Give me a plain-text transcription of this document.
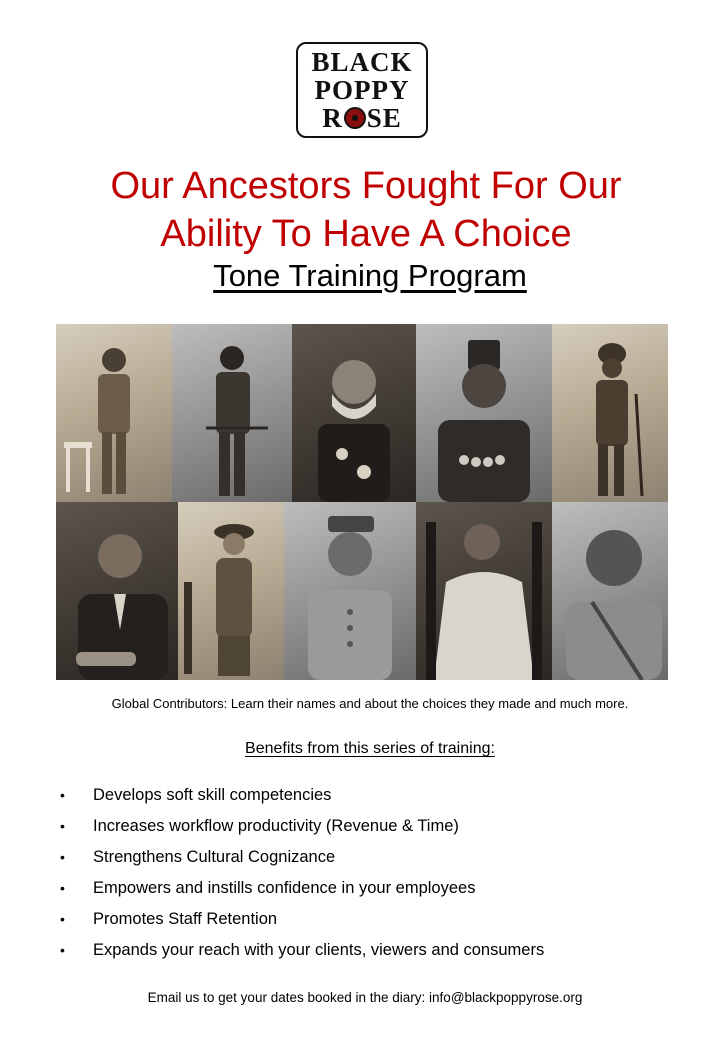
BLACK
POPPY
R SE
Our Ancestors Fought For Our
Ability To Have A Choice
Tone Training Program
Global Contributors: Learn their names and about the choices they made and much more.
Benefits from this series of training:
• Develops soft skill competencies
• Increases workflow productivity (Revenue & Time)
• Strengthens Cultural Cognizance
• Empowers and instills confidence in your employees
• Promotes Staff Retention
• Expands your reach with your clients, viewers and consumers
Email us to get your dates booked in the diary: info@blackpoppyrose.org
